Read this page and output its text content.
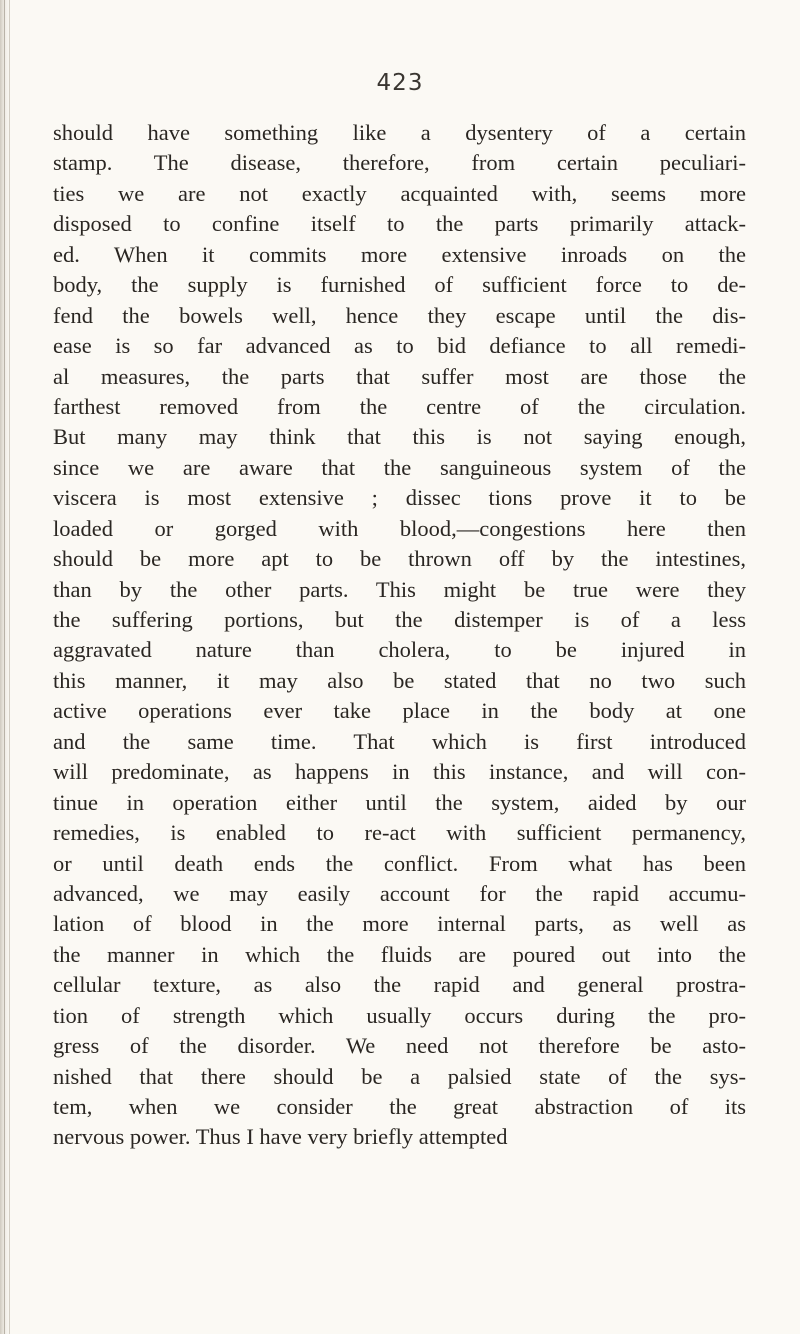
423
should have something like a dysentery of a certain
stamp. The disease, therefore, from certain peculiari-
ties we are not exactly acquainted with, seems more
disposed to confine itself to the parts primarily attack-
ed. When it commits more extensive inroads on the
body, the supply is furnished of sufficient force to de-
fend the bowels well, hence they escape until the dis-
ease is so far advanced as to bid defiance to all remedi-
al measures, the parts that suffer most are those the
farthest removed from the centre of the circulation.
But many may think that this is not saying enough,
since we are aware that the sanguineous system of the
viscera is most extensive ; dissec tions prove it to be
loaded or gorged with blood,—congestions here then
should be more apt to be thrown off by the intestines,
than by the other parts. This might be true were they
the suffering portions, but the distemper is of a less
aggravated nature than cholera, to be injured in
this manner, it may also be stated that no two such
active operations ever take place in the body at one
and the same time. That which is first introduced
will predominate, as happens in this instance, and will con-
tinue in operation either until the system, aided by our
remedies, is enabled to re-act with sufficient permanency,
or until death ends the conflict. From what has been
advanced, we may easily account for the rapid accumu-
lation of blood in the more internal parts, as well as
the manner in which the fluids are poured out into the
cellular texture, as also the rapid and general prostra-
tion of strength which usually occurs during the pro-
gress of the disorder. We need not therefore be asto-
nished that there should be a palsied state of the sys-
tem, when we consider the great abstraction of its
nervous power. Thus I have very briefly attempted
